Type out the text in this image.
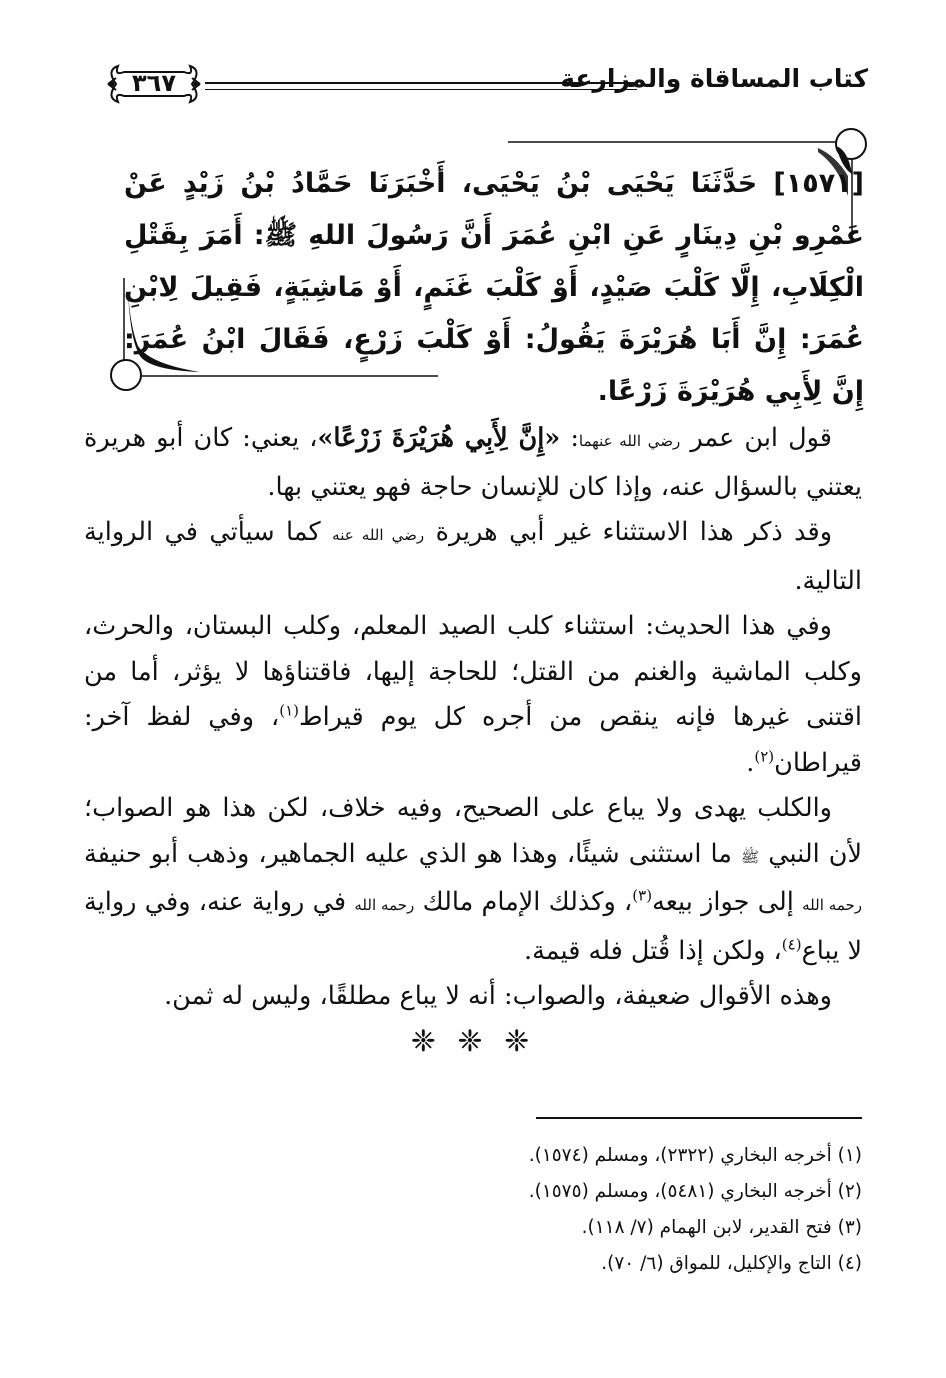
كتاب المساقاة والمزارعة
٣٦٧
[١٥٧١] حَدَّثَنَا يَحْيَى بْنُ يَحْيَى، أَخْبَرَنَا حَمَّادُ بْنُ زَيْدٍ عَنْ عَمْرِو بْنِ دِينَارٍ عَنِ ابْنِ عُمَرَ أَنَّ رَسُولَ اللهِ ﷺ: أَمَرَ بِقَتْلِ الْكِلَابِ، إِلَّا كَلْبَ صَيْدٍ، أَوْ كَلْبَ غَنَمٍ، أَوْ مَاشِيَةٍ، فَقِيلَ لِابْنِ عُمَرَ: إِنَّ أَبَا هُرَيْرَةَ يَقُولُ: أَوْ كَلْبَ زَرْعٍ، فَقَالَ ابْنُ عُمَرَ: إِنَّ لِأَبِي هُرَيْرَةَ زَرْعًا.

قول ابن عمر رضي الله عنهما: «إِنَّ لِأَبِي هُرَيْرَةَ زَرْعًا»، يعني: كان أبو هريرة يعتني بالسؤال عنه، وإذا كان للإنسان حاجة فهو يعتني بها.

وقد ذكر هذا الاستثناء غير أبي هريرة رضي الله عنه كما سيأتي في الرواية التالية.

وفي هذا الحديث: استثناء كلب الصيد المعلم، وكلب البستان، والحرث، وكلب الماشية والغنم من القتل؛ للحاجة إليها، فاقتناؤها لا يؤثر، أما من اقتنى غيرها فإنه ينقص من أجره كل يوم قيراط$^{(١)}$، وفي لفظ آخر: قيراطان$^{(٢)}$.

والكلب يهدى ولا يباع على الصحيح، وفيه خلاف، لكن هذا هو الصواب؛ لأن النبي ﷺ ما استثنى شيئًا، وهذا هو الذي عليه الجماهير، وذهب أبو حنيفة رحمه الله إلى جواز بيعه$^{(٣)}$، وكذلك الإمام مالك رحمه الله في رواية عنه، وفي رواية لا يباع$^{(٤)}$، ولكن إذا قُتل فله قيمة.

وهذه الأقوال ضعيفة، والصواب: أنه لا يباع مطلقًا، وليس له ثمن.

❈ ❈ ❈
(١) أخرجه البخاري (٢٣٢٢)، ومسلم (١٥٧٤).
(٢) أخرجه البخاري (٥٤٨١)، ومسلم (١٥٧٥).
(٣) فتح القدير، لابن الهمام (٧/ ١١٨).
(٤) التاج والإكليل، للمواق (٦/ ٧٠).
